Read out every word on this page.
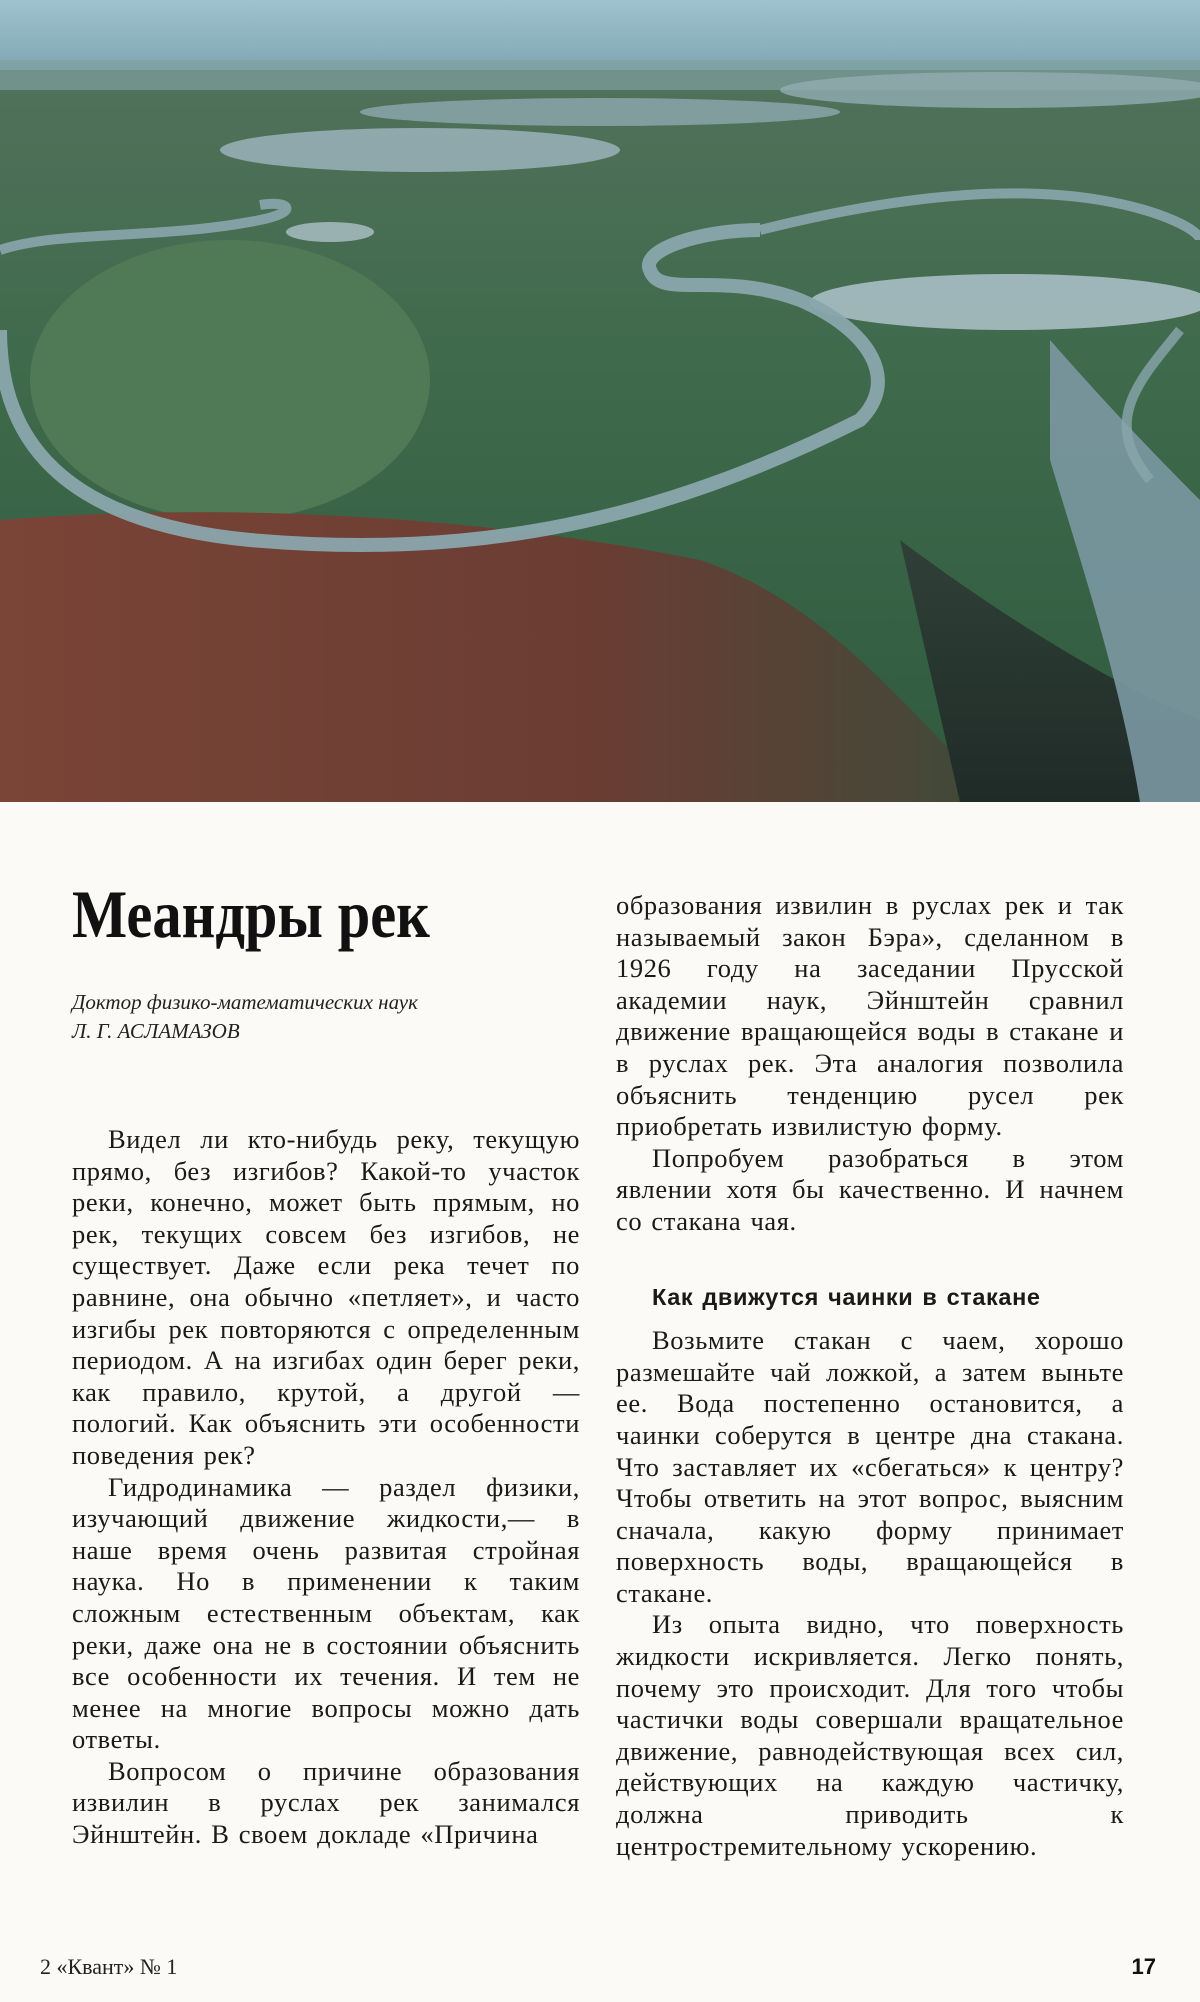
Меандры рек
Доктор физико-математических наук
Л. Г. АСЛАМАЗОВ

Видел ли кто-нибудь реку, текущую прямо, без изгибов? Какой-то участок реки, конечно, может быть прямым, но рек, текущих совсем без изгибов, не существует. Даже если река течет по равнине, она обычно «петляет», и часто изгибы рек повторяются с определенным периодом. А на изгибах один берег реки, как правило, крутой, а другой — пологий. Как объяснить эти особенности поведения рек?

Гидродинамика — раздел физики, изучающий движение жидкости,— в наше время очень развитая стройная наука. Но в применении к таким сложным естественным объектам, как реки, даже она не в состоянии объяснить все особенности их течения. И тем не менее на многие вопросы можно дать ответы.

Вопросом о причине образования извилин в руслах рек занимался Эйнштейн. В своем докладе «Причина

образования извилин в руслах рек и так называемый закон Бэра», сделанном в 1926 году на заседании Прусской академии наук, Эйнштейн сравнил движение вращающейся воды в стакане и в руслах рек. Эта аналогия позволила объяснить тенденцию русел рек приобретать извилистую форму.

Попробуем разобраться в этом явлении хотя бы качественно. И начнем со стакана чая.

Как движутся чаинки в стакане

Возьмите стакан с чаем, хорошо размешайте чай ложкой, а затем выньте ее. Вода постепенно остановится, а чаинки соберутся в центре дна стакана. Что заставляет их «сбегаться» к центру? Чтобы ответить на этот вопрос, выясним сначала, какую форму принимает поверхность воды, вращающейся в стакане.

Из опыта видно, что поверхность жидкости искривляется. Легко понять, почему это происходит. Для того чтобы частички воды совершали вращательное движение, равнодействующая всех сил, действующих на каждую частичку, должна приводить к центростремительному ускорению.

2 «Квант» № 1	17
